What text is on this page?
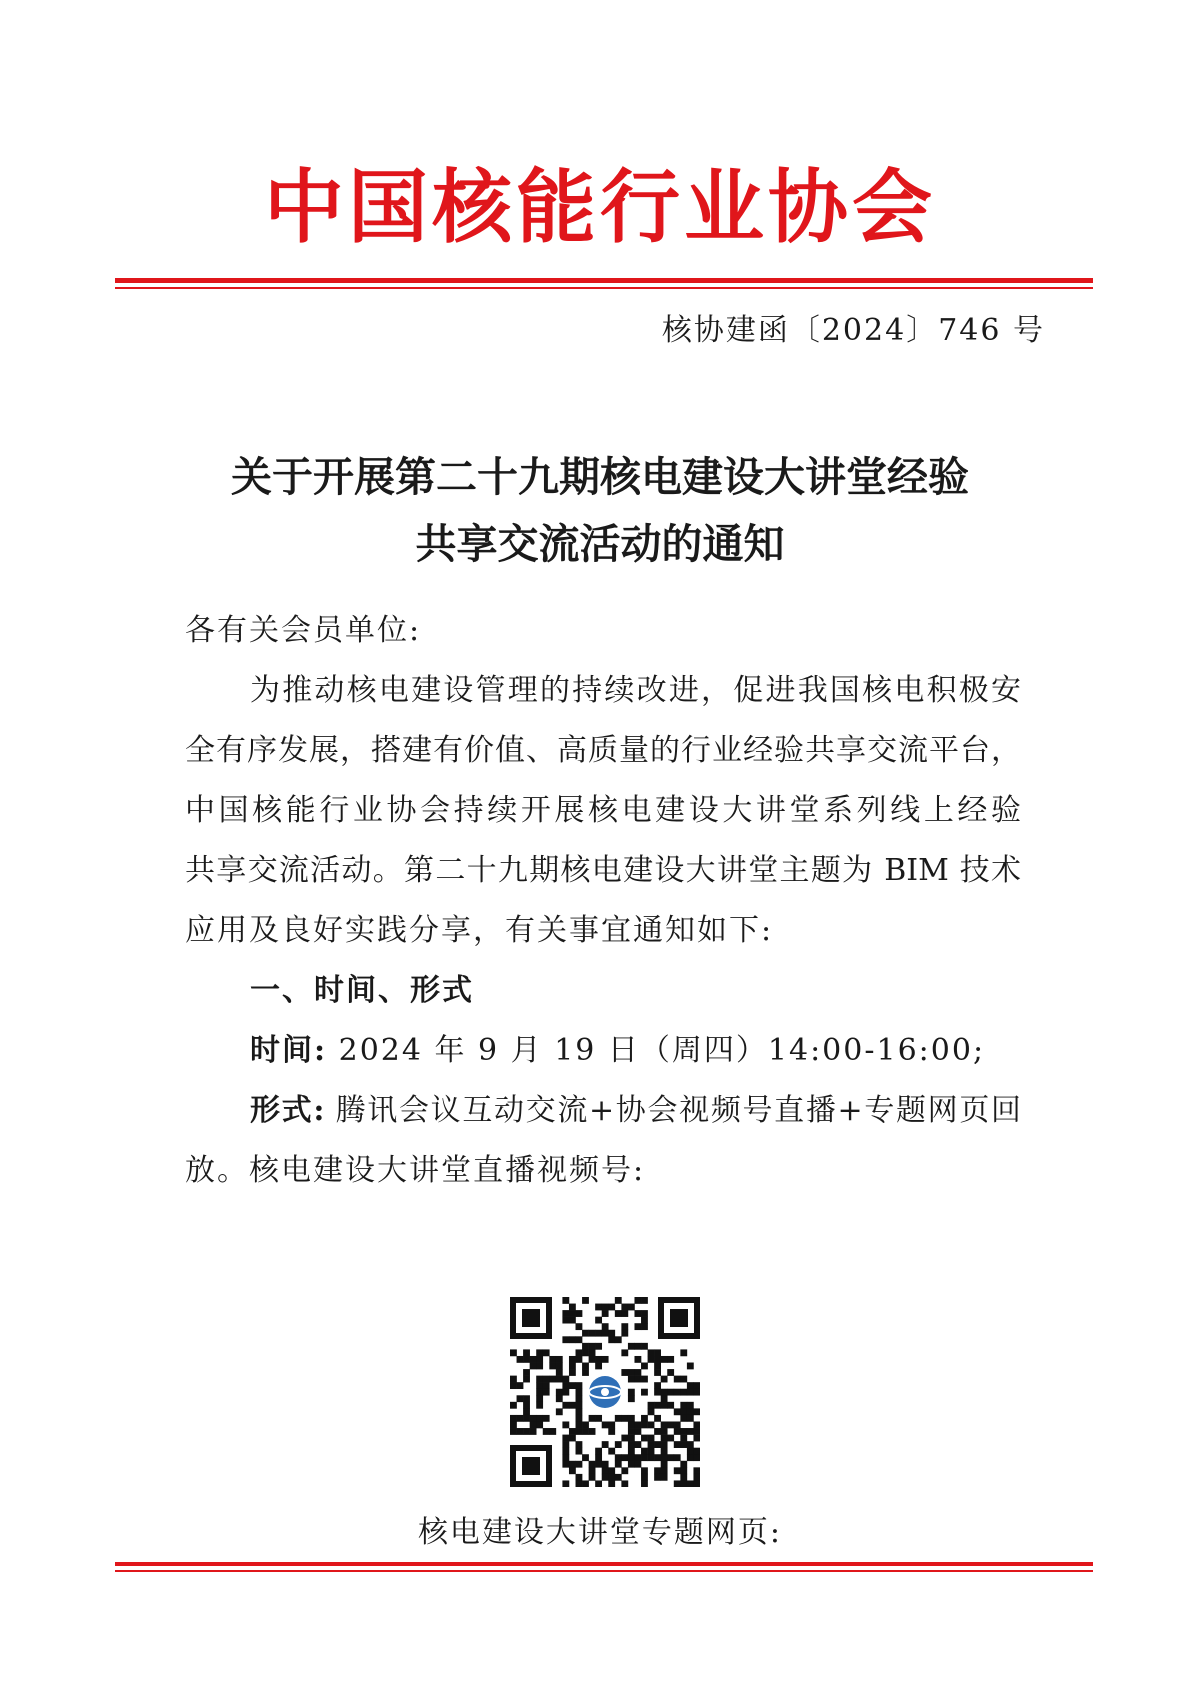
中国核能行业协会
核协建函〔2024〕746 号
关于开展第二十九期核电建设大讲堂经验
共享交流活动的通知
各有关会员单位:
为推动核电建设管理的持续改进，促进我国核电积极安
全有序发展，搭建有价值、高质量的行业经验共享交流平台，
中国核能行业协会持续开展核电建设大讲堂系列线上经验
共享交流活动。第二十九期核电建设大讲堂主题为 BIM 技术
应用及良好实践分享，有关事宜通知如下:
一、时间、形式
时间: 2024 年 9 月 19 日（周四）14:00-16:00;
形式: 腾讯会议互动交流+协会视频号直播+专题网页回
放。核电建设大讲堂直播视频号:
核电建设大讲堂专题网页:
